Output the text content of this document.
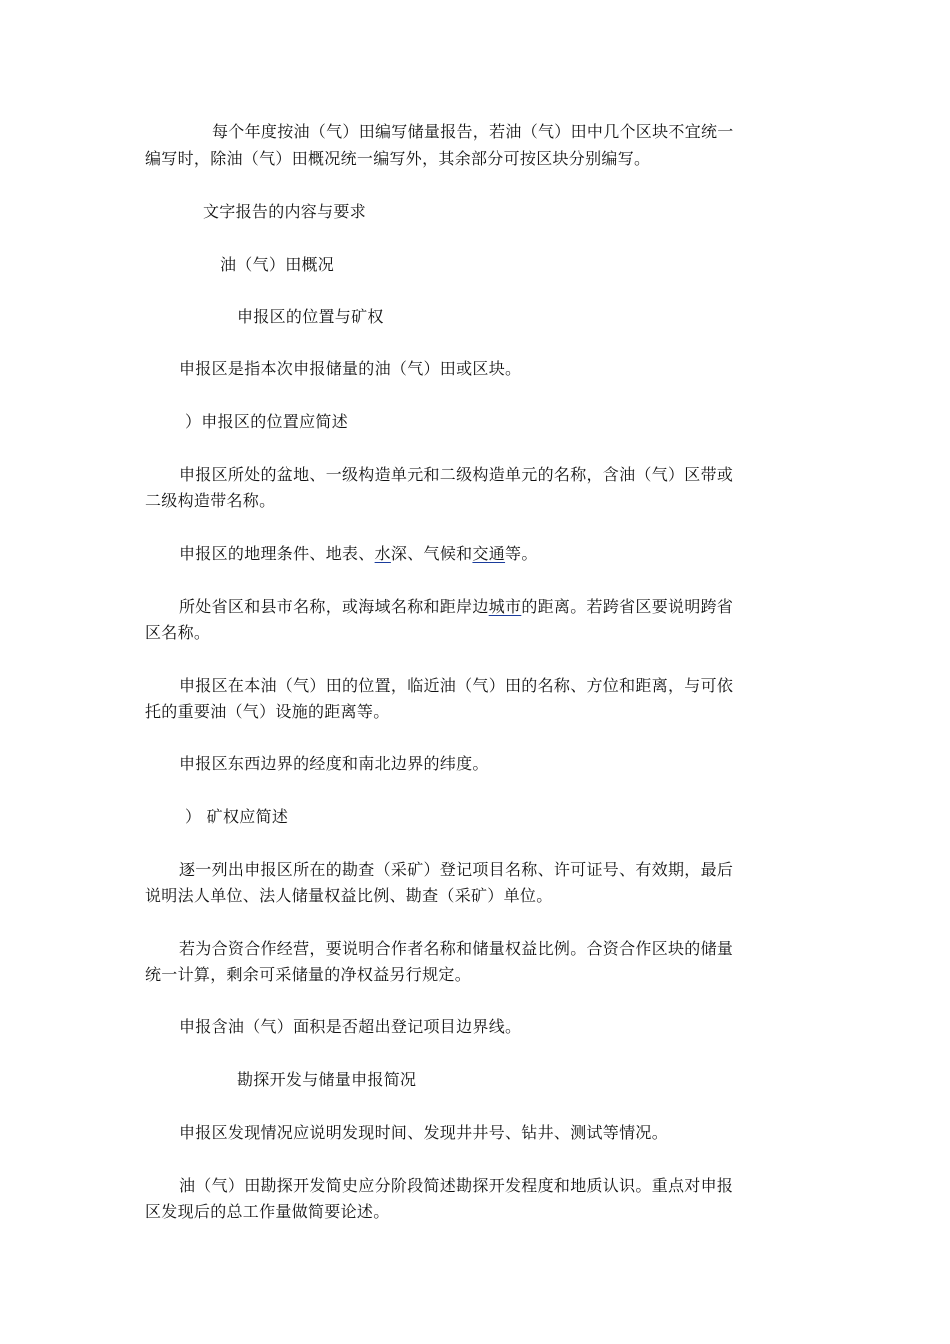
每个年度按油（气）田编写储量报告，若油（气）田中几个区块不宜统一

编写时，除油（气）田概况统一编写外，其余部分可按区块分别编写。

文字报告的内容与要求

油（气）田概况

申报区的位置与矿权

申报区是指本次申报储量的油（气）田或区块。

）申报区的位置应简述

申报区所处的盆地、一级构造单元和二级构造单元的名称，含油（气）区带或

二级构造带名称。

申报区的地理条件、地表、水深、气候和交通等。

所处省区和县市名称，或海域名称和距岸边城市的距离。若跨省区要说明跨省

区名称。

申报区在本油（气）田的位置，临近油（气）田的名称、方位和距离，与可依

托的重要油（气）设施的距离等。

申报区东西边界的经度和南北边界的纬度。

） 矿权应简述

逐一列出申报区所在的勘查（采矿）登记项目名称、许可证号、有效期，最后

说明法人单位、法人储量权益比例、勘查（采矿）单位。

若为合资合作经营，要说明合作者名称和储量权益比例。合资合作区块的储量

统一计算，剩余可采储量的净权益另行规定。

申报含油（气）面积是否超出登记项目边界线。

勘探开发与储量申报简况

申报区发现情况应说明发现时间、发现井井号、钻井、测试等情况。

油（气）田勘探开发简史应分阶段简述勘探开发程度和地质认识。重点对申报

区发现后的总工作量做简要论述。
